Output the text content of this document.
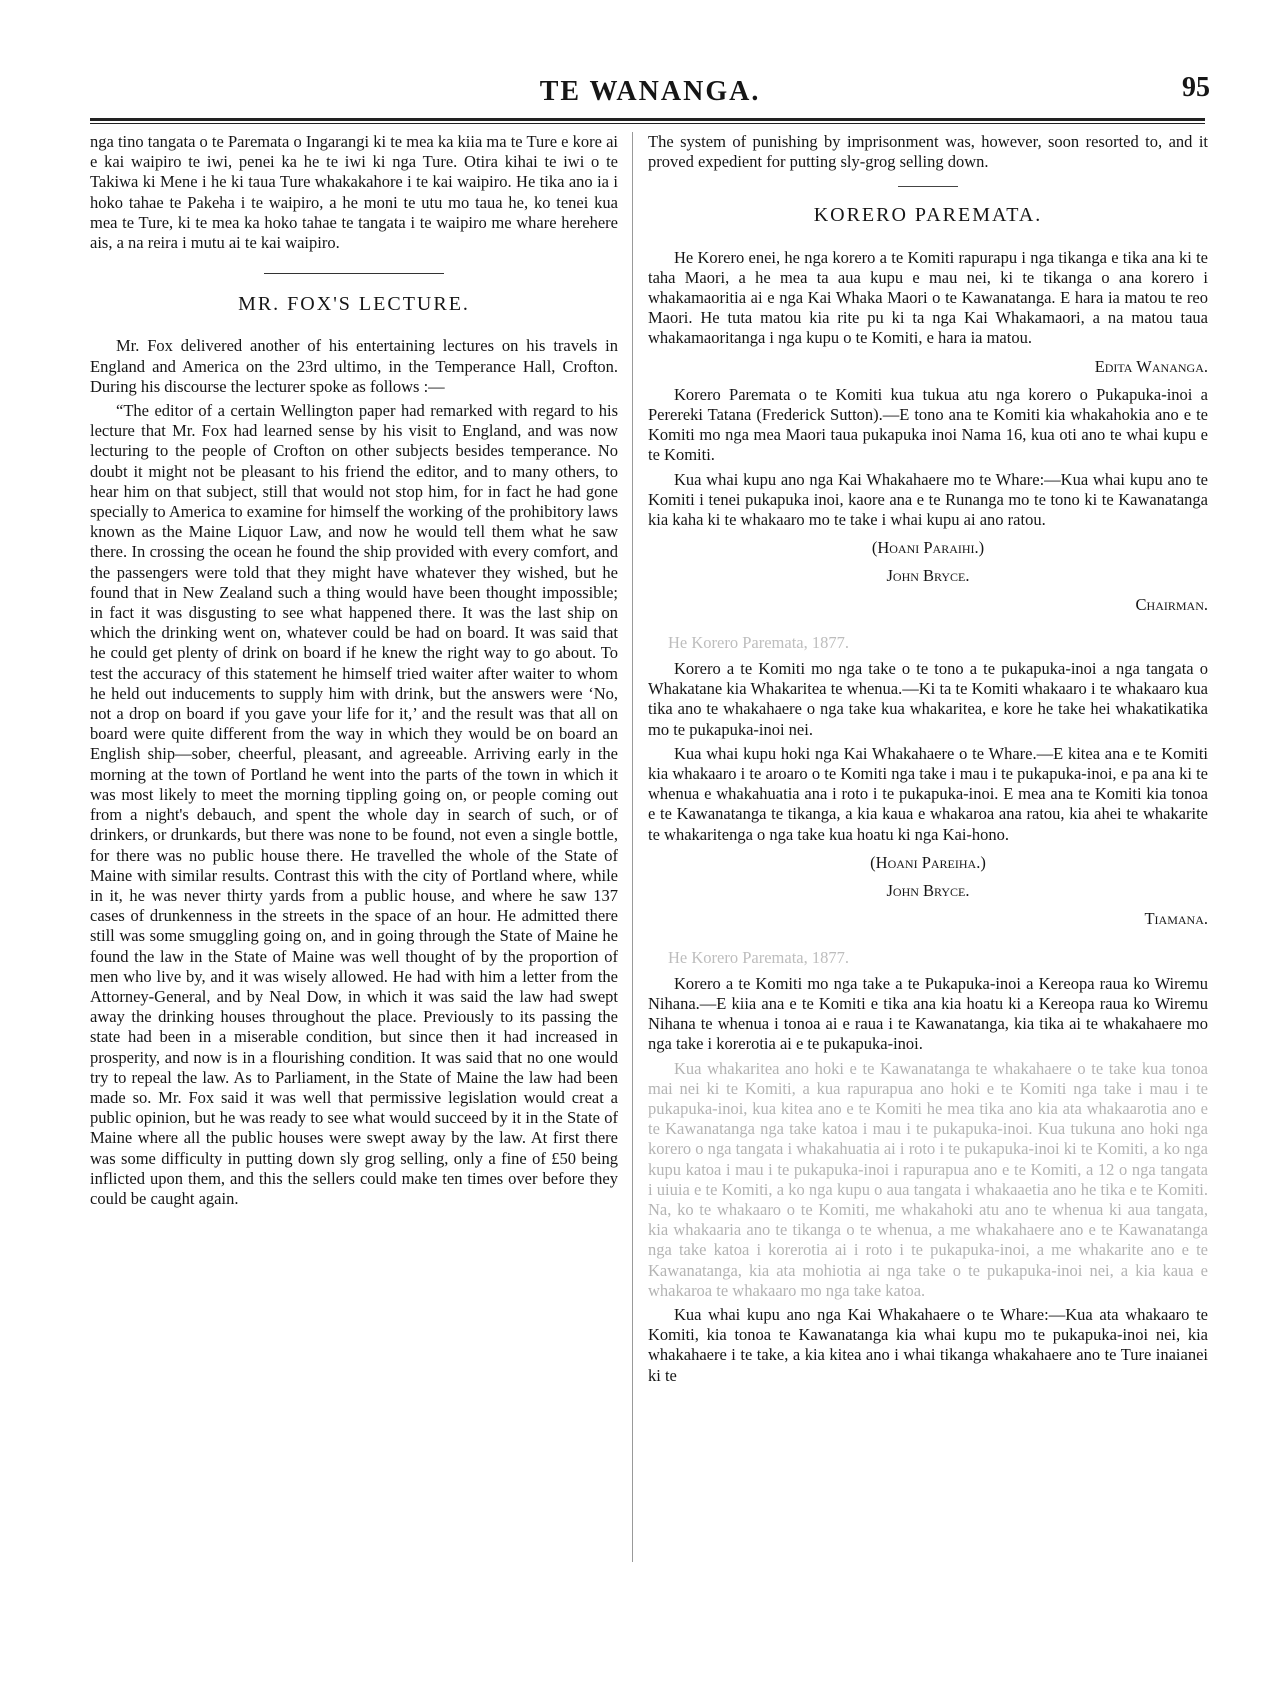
TE WANANGA.	95

nga tino tangata o te Paremata o Ingarangi ki te mea ka kiia ma te Ture e kore ai e kai waipiro te iwi, penei ka he te iwi ki nga Ture. Otira kihai te iwi o te Takiwa ki Mene i he ki taua Ture whakakahore i te kai waipiro. He tika ano ia i hoko tahae te Pakeha i te waipiro, a he moni te utu mo taua he, ko tenei kua mea te Ture, ki te mea ka hoko tahae te tangata i te waipiro me whare herehere ais, a na reira i mutu ai te kai waipiro.

MR. FOX'S LECTURE.

Mr. Fox delivered another of his entertaining lectures on his travels in England and America on the 23rd ultimo, in the Temperance Hall, Crofton. During his discourse the lecturer spoke as follows :—

“The editor of a certain Wellington paper had remarked with regard to his lecture that Mr. Fox had learned sense by his visit to England, and was now lecturing to the people of Crofton on other subjects besides temperance. No doubt it might not be pleasant to his friend the editor, and to many others, to hear him on that subject, still that would not stop him, for in fact he had gone specially to America to examine for himself the working of the prohibitory laws known as the Maine Liquor Law, and now he would tell them what he saw there. In crossing the ocean he found the ship provided with every comfort, and the passengers were told that they might have whatever they wished, but he found that in New Zealand such a thing would have been thought impossible; in fact it was disgusting to see what happened there. It was the last ship on which the drinking went on, whatever could be had on board. It was said that he could get plenty of drink on board if he knew the right way to go about. To test the accuracy of this statement he himself tried waiter after waiter to whom he held out inducements to supply him with drink, but the answers were ‘No, not a drop on board if you gave your life for it,’ and the result was that all on board were quite different from the way in which they would be on board an English ship—sober, cheerful, pleasant, and agreeable. Arriving early in the morning at the town of Portland he went into the parts of the town in which it was most likely to meet the morning tippling going on, or people coming out from a night's debauch, and spent the whole day in search of such, or of drinkers, or drunkards, but there was none to be found, not even a single bottle, for there was no public house there. He travelled the whole of the State of Maine with similar results. Contrast this with the city of Portland where, while in it, he was never thirty yards from a public house, and where he saw 137 cases of drunkenness in the streets in the space of an hour. He admitted there still was some smuggling going on, and in going through the State of Maine he found the law in the State of Maine was well thought of by the proportion of men who live by, and it was wisely allowed. He had with him a letter from the Attorney-General, and by Neal Dow, in which it was said the law had swept away the drinking houses throughout the place. Previously to its passing the state had been in a miserable condition, but since then it had increased in prosperity, and now is in a flourishing condition. It was said that no one would try to repeal the law. As to Parliament, in the State of Maine the law had been made so. Mr. Fox said it was well that permissive legislation would creat a public opinion, but he was ready to see what would succeed by it in the State of Maine where all the public houses were swept away by the law. At first there was some difficulty in putting down sly grog selling, only a fine of £50 being inflicted upon them, and this the sellers could make ten times over before they could be caught again.

The system of punishing by imprisonment was, however, soon resorted to, and it proved expedient for putting sly-grog selling down.

KORERO PAREMATA.

He Korero enei, he nga korero a te Komiti rapurapu i nga tikanga e tika ana ki te taha Maori, a he mea ta aua kupu e mau nei, ki te tikanga o ana korero i whakamaoritia ai e nga Kai Whaka Maori o te Kawanatanga. E hara ia matou te reo Maori. He tuta matou kia rite pu ki ta nga Kai Whakamaori, a na matou taua whakamaoritanga i nga kupu o te Komiti, e hara ia matou.

Edita Wananga.

Korero Paremata o te Komiti kua tukua atu nga korero o Pukapuka-inoi a Perereki Tatana (Frederick Sutton).—E tono ana te Komiti kia whakahokia ano e te Komiti mo nga mea Maori taua pukapuka inoi Nama 16, kua oti ano te whai kupu e te Komiti.

Kua whai kupu ano nga Kai Whakahaere mo te Whare:—Kua whai kupu ano te Komiti i tenei pukapuka inoi, kaore ana e te Runanga mo te tono ki te Kawanatanga kia kaha ki te whakaaro mo te take i whai kupu ai ano ratou.

(Hoani Paraihi.)
John Bryce.
Chairman.
He Korero Paremata, 1877.

Korero a te Komiti mo nga take o te tono a te pukapuka-inoi a nga tangata o Whakatane kia Whakaritea te whenua.—Ki ta te Komiti whakaaro i te whakaaro kua tika ano te whakahaere o nga take kua whakaritea, e kore he take hei whakatikatika mo te pukapuka-inoi nei.

Kua whai kupu hoki nga Kai Whakahaere o te Whare.—E kitea ana e te Komiti kia whakaaro i te aroaro o te Komiti nga take i mau i te pukapuka-inoi, e pa ana ki te whenua e whakahuatia ana i roto i te pukapuka-inoi. E mea ana te Komiti kia tonoa e te Kawanatanga te tikanga, a kia kaua e whakaroa ana ratou, kia ahei te whakarite te whakaritenga o nga take kua hoatu ki nga Kai-hono.

(Hoani Pareiha.)
John Bryce.
Tiamana.
He Korero Paremata, 1877.

Korero a te Komiti mo nga take a te Pukapuka-inoi a Kereopa raua ko Wiremu Nihana.—E kiia ana e te Komiti e tika ana kia hoatu ki a Kereopa raua ko Wiremu Nihana te whenua i tonoa ai e raua i te Kawanatanga, kia tika ai te whakahaere mo nga take i korerotia ai e te pukapuka-inoi.

Kua whakaritea ano hoki e te Kawanatanga te whakahaere o te take kua tonoa mai nei ki te Komiti, a kua rapurapua ano hoki e te Komiti nga take i mau i te pukapuka-inoi, kua kitea ano e te Komiti he mea tika ano kia ata whakaarotia ano e te Kawanatanga nga take katoa i mau i te pukapuka-inoi. Kua tukuna ano hoki nga korero o nga tangata i whakahuatia ai i roto i te pukapuka-inoi ki te Komiti, a ko nga kupu katoa i mau i te pukapuka-inoi i rapurapua ano e te Komiti, a 12 o nga tangata i uiuia e te Komiti, a ko nga kupu o aua tangata i whakaaetia ano he tika e te Komiti. Na, ko te whakaaro o te Komiti, me whakahoki atu ano te whenua ki aua tangata, kia whakaaria ano te tikanga o te whenua, a me whakahaere ano e te Kawanatanga nga take katoa i korerotia ai i roto i te pukapuka-inoi, a me whakarite ano e te Kawanatanga, kia ata mohiotia ai nga take o te pukapuka-inoi nei, a kia kaua e whakaroa te whakaaro mo nga take katoa.

Kua whai kupu ano nga Kai Whakahaere o te Whare:—Kua ata whakaaro te Komiti, kia tonoa te Kawanatanga kia whai kupu mo te pukapuka-inoi nei, kia whakahaere i te take, a kia kitea ano i whai tikanga whakahaere ano te Ture inaianei ki te
